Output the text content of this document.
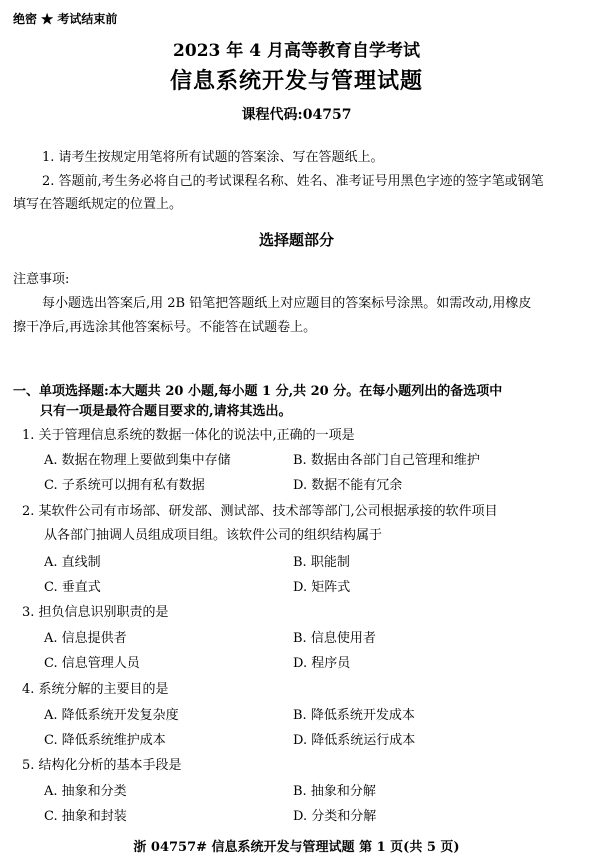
绝密 ★ 考试结束前
2023 年 4 月高等教育自学考试
信息系统开发与管理试题
课程代码:04757
1. 请考生按规定用笔将所有试题的答案涂、写在答题纸上。
2. 答题前,考生务必将自己的考试课程名称、姓名、准考证号用黑色字迹的签字笔或钢笔
填写在答题纸规定的位置上。
选择题部分
注意事项:
每小题选出答案后,用 2B 铅笔把答题纸上对应题目的答案标号涂黑。如需改动,用橡皮
擦干净后,再选涂其他答案标号。不能答在试题卷上。
一、单项选择题:本大题共 20 小题,每小题 1 分,共 20 分。在每小题列出的备选项中
只有一项是最符合题目要求的,请将其选出。
1. 关于管理信息系统的数据一体化的说法中,正确的一项是
A. 数据在物理上要做到集中存储	B. 数据由各部门自己管理和维护
C. 子系统可以拥有私有数据	D. 数据不能有冗余
2. 某软件公司有市场部、研发部、测试部、技术部等部门,公司根据承接的软件项目
从各部门抽调人员组成项目组。该软件公司的组织结构属于
A. 直线制	B. 职能制
C. 垂直式	D. 矩阵式
3. 担负信息识别职责的是
A. 信息提供者	B. 信息使用者
C. 信息管理人员	D. 程序员
4. 系统分解的主要目的是
A. 降低系统开发复杂度	B. 降低系统开发成本
C. 降低系统维护成本	D. 降低系统运行成本
5. 结构化分析的基本手段是
A. 抽象和分类	B. 抽象和分解
C. 抽象和封装	D. 分类和分解
浙 04757# 信息系统开发与管理试题 第 1 页(共 5 页)
